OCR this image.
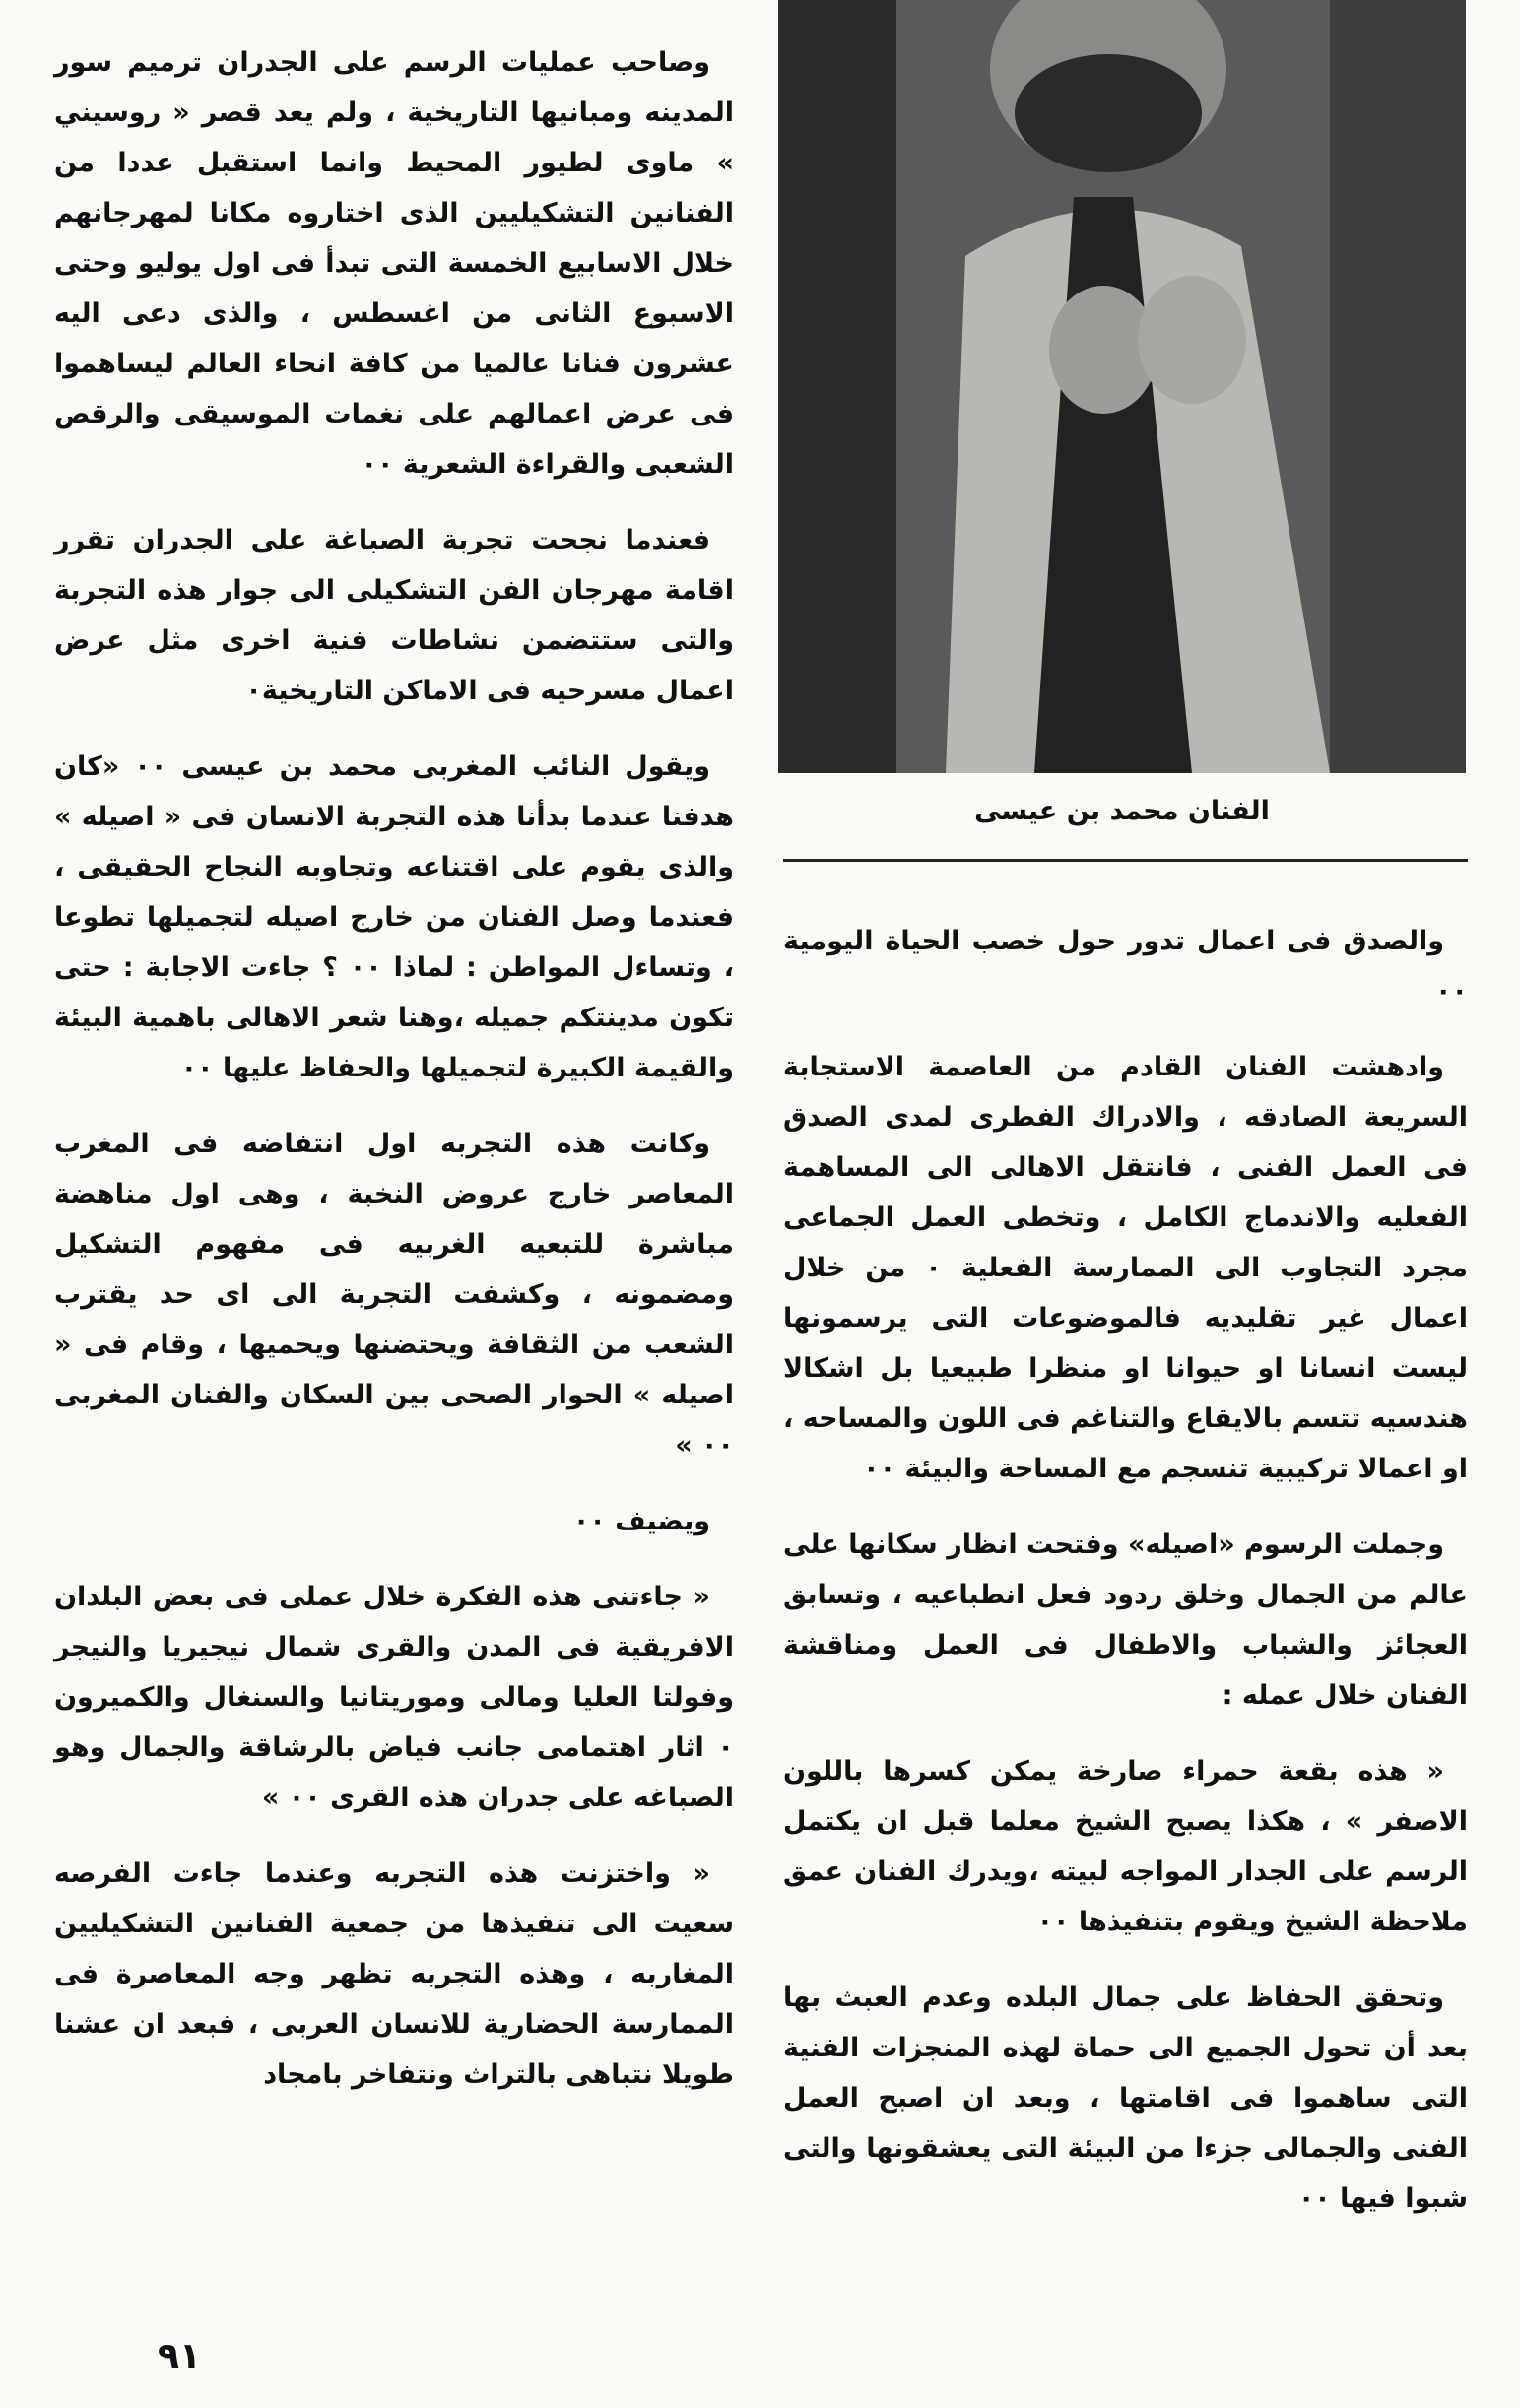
الفنان محمد بن عيسى

وصاحب عمليات الرسم على الجدران ترميم سور المدينه ومبانيها التاريخية ، ولم يعد قصر « روسيني » ماوى لطيور المحيط وانما استقبل عددا من الفنانين التشكيليين الذى اختاروه مكانا لمهرجانهم خلال الاسابيع الخمسة التى تبدأ فى اول يوليو وحتى الاسبوع الثانى من اغسطس ، والذى دعى اليه عشرون فنانا عالميا من كافة انحاء العالم ليساهموا فى عرض اعمالهم على نغمات الموسيقى والرقص الشعبى والقراءة الشعرية ٠٠

فعندما نجحت تجربة الصباغة على الجدران تقرر اقامة مهرجان الفن التشكيلى الى جوار هذه التجربة والتى ستتضمن نشاطات فنية اخرى مثل عرض اعمال مسرحيه فى الاماكن التاريخية٠

ويقول النائب المغربى محمد بن عيسى ٠٠ «كان هدفنا عندما بدأنا هذه التجربة الانسان فى « اصيله » والذى يقوم على اقتناعه وتجاوبه النجاح الحقيقى ، فعندما وصل الفنان من خارج اصيله لتجميلها تطوعا ، وتساءل المواطن : لماذا ٠٠ ؟ جاءت الاجابة : حتى تكون مدينتكم جميله ،وهنا شعر الاهالى باهمية البيئة والقيمة الكبيرة لتجميلها والحفاظ عليها ٠٠

وكانت هذه التجربه اول انتفاضه فى المغرب المعاصر خارج عروض النخبة ، وهى اول مناهضة مباشرة للتبعيه الغربيه فى مفهوم التشكيل ومضمونه ، وكشفت التجربة الى اى حد يقترب الشعب من الثقافة ويحتضنها ويحميها ، وقام فى « اصيله » الحوار الصحى بين السكان والفنان المغربى ٠٠ »

ويضيف ٠٠

« جاءتنى هذه الفكرة خلال عملى فى بعض البلدان الافريقية فى المدن والقرى شمال نيجيريا والنيجر وفولتا العليا ومالى وموريتانيا والسنغال والكميرون ٠ اثار اهتمامى جانب فياض بالرشاقة والجمال وهو الصباغه على جدران هذه القرى ٠٠ »

« واختزنت هذه التجربه وعندما جاءت الفرصه سعيت الى تنفيذها من جمعية الفنانين التشكيليين المغاربه ، وهذه التجربه تظهر وجه المعاصرة فى الممارسة الحضارية للانسان العربى ، فبعد ان عشنا طويلا نتباهى بالتراث ونتفاخر بامجاد

والصدق فى اعمال تدور حول خصب الحياة اليومية ٠٠

وادهشت الفنان القادم من العاصمة الاستجابة السريعة الصادقه ، والادراك الفطرى لمدى الصدق فى العمل الفنى ، فانتقل الاهالى الى المساهمة الفعليه والاندماج الكامل ، وتخطى العمل الجماعى مجرد التجاوب الى الممارسة الفعلية ٠ من خلال اعمال غير تقليديه فالموضوعات التى يرسمونها ليست انسانا او حيوانا او منظرا طبيعيا بل اشكالا هندسيه تتسم بالايقاع والتناغم فى اللون والمساحه ، او اعمالا تركيبية تنسجم مع المساحة والبيئة ٠٠

وجملت الرسوم «اصيله» وفتحت انظار سكانها على عالم من الجمال وخلق ردود فعل انطباعيه ، وتسابق العجائز والشباب والاطفال فى العمل ومناقشة الفنان خلال عمله :

« هذه بقعة حمراء صارخة يمكن كسرها باللون الاصفر » ، هكذا يصبح الشيخ معلما قبل ان يكتمل الرسم على الجدار المواجه لبيته ،ويدرك الفنان عمق ملاحظة الشيخ ويقوم بتنفيذها ٠٠

وتحقق الحفاظ على جمال البلده وعدم العبث بها بعد أن تحول الجميع الى حماة لهذه المنجزات الفنية التى ساهموا فى اقامتها ، وبعد ان اصبح العمل الفنى والجمالى جزءا من البيئة التى يعشقونها والتى شبوا فيها ٠٠

٩١
